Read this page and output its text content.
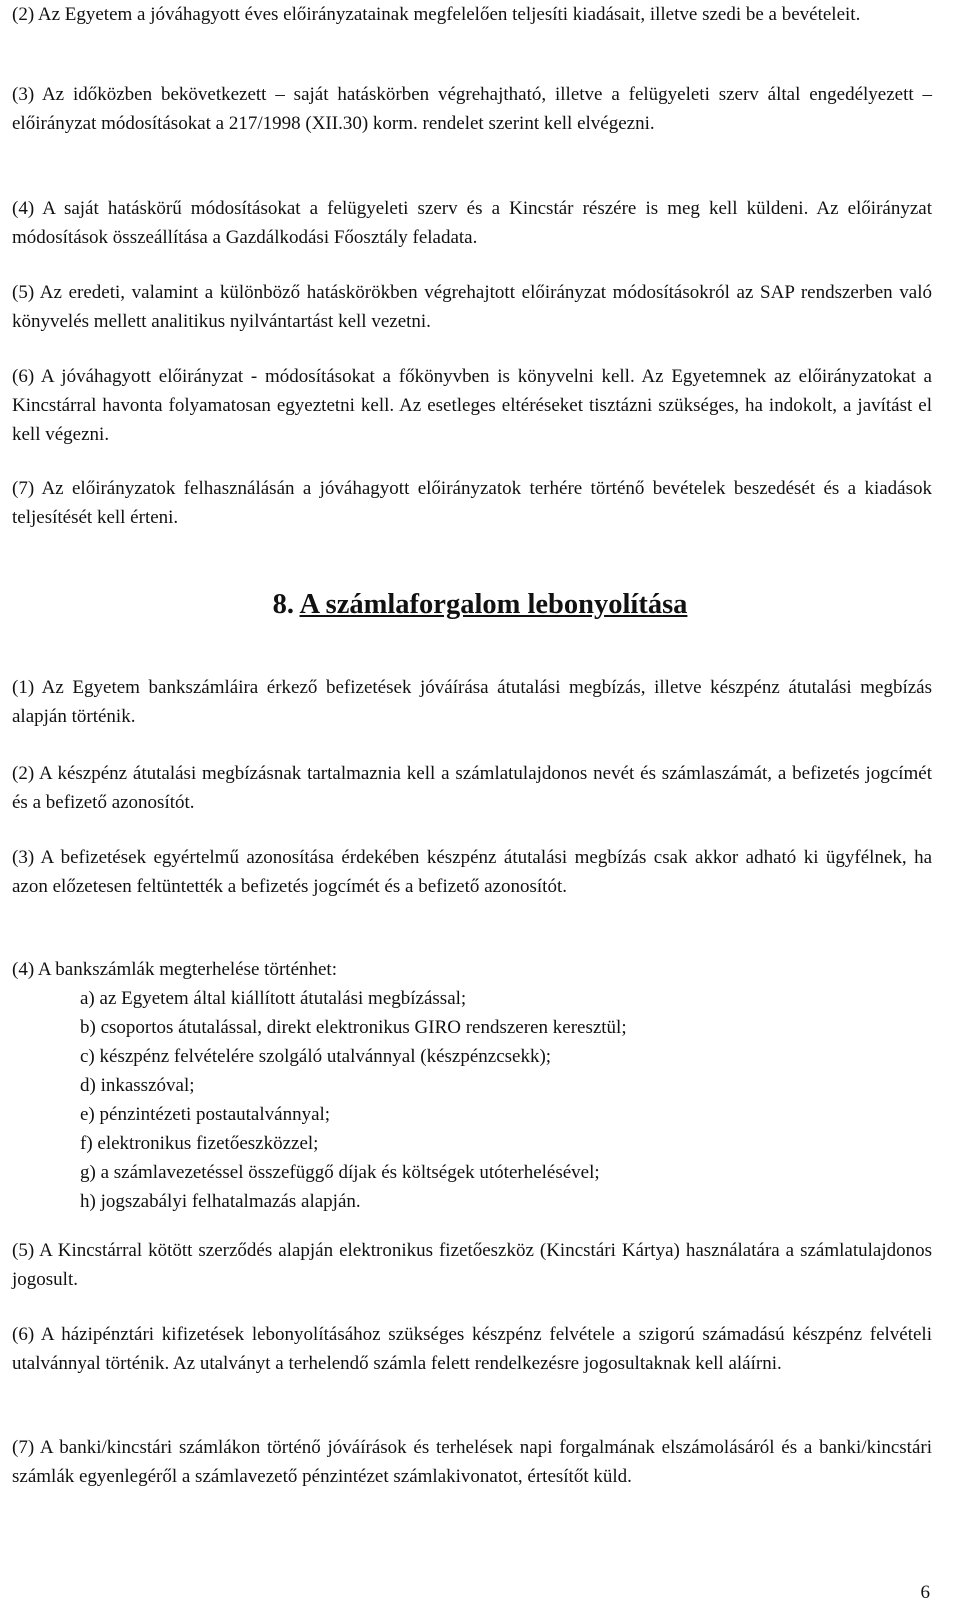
(2) Az Egyetem a jóváhagyott éves előirányzatainak megfelelően teljesíti kiadásait, illetve szedi be a bevételeit.

(3) Az időközben bekövetkezett – saját hatáskörben végrehajtható, illetve a felügyeleti szerv által engedélyezett – előirányzat módosításokat a 217/1998 (XII.30) korm. rendelet szerint kell elvégezni.

(4) A saját hatáskörű módosításokat a felügyeleti szerv és a Kincstár részére is meg kell küldeni. Az előirányzat módosítások összeállítása a Gazdálkodási Főosztály feladata.

(5) Az eredeti, valamint a különböző hatáskörökben végrehajtott előirányzat módosításokról az SAP rendszerben való könyvelés mellett analitikus nyilvántartást kell vezetni.

(6) A jóváhagyott előirányzat - módosításokat a főkönyvben is könyvelni kell. Az Egyetemnek az előirányzatokat a Kincstárral havonta folyamatosan egyeztetni kell. Az esetleges eltéréseket tisztázni szükséges, ha indokolt, a javítást el kell végezni.

(7) Az előirányzatok felhasználásán a jóváhagyott előirányzatok terhére történő bevételek beszedését és a kiadások teljesítését kell érteni.

8. A számlaforgalom lebonyolítása

(1) Az Egyetem bankszámláira érkező befizetések jóváírása átutalási megbízás, illetve készpénz átutalási megbízás alapján történik.

(2) A készpénz átutalási megbízásnak tartalmaznia kell a számlatulajdonos nevét és számlaszámát, a befizetés jogcímét és a befizető azonosítót.

(3) A befizetések egyértelmű azonosítása érdekében készpénz átutalási megbízás csak akkor adható ki ügyfélnek, ha azon előzetesen feltüntették a befizetés jogcímét és a befizető azonosítót.

(4) A bankszámlák megterhelése történhet:

a) az Egyetem által kiállított átutalási megbízással;
b) csoportos átutalással, direkt elektronikus GIRO rendszeren keresztül;
c) készpénz felvételére szolgáló utalvánnyal (készpénzcsekk);
d) inkasszóval;
e) pénzintézeti postautalvánnyal;
f) elektronikus fizetőeszközzel;
g) a számlavezetéssel összefüggő díjak és költségek utóterhelésével;
h) jogszabályi felhatalmazás alapján.

(5) A Kincstárral kötött szerződés alapján elektronikus fizetőeszköz (Kincstári Kártya) használatára a számlatulajdonos jogosult.

(6) A házipénztári kifizetések lebonyolításához szükséges készpénz felvétele a szigorú számadású készpénz felvételi utalvánnyal történik. Az utalványt a terhelendő számla felett rendelkezésre jogosultaknak kell aláírni.

(7) A banki/kincstári számlákon történő jóváírások és terhelések napi forgalmának elszámolásáról és a banki/kincstári számlák egyenlegéről a számlavezető pénzintézet számlakivonatot, értesítőt küld.

6
